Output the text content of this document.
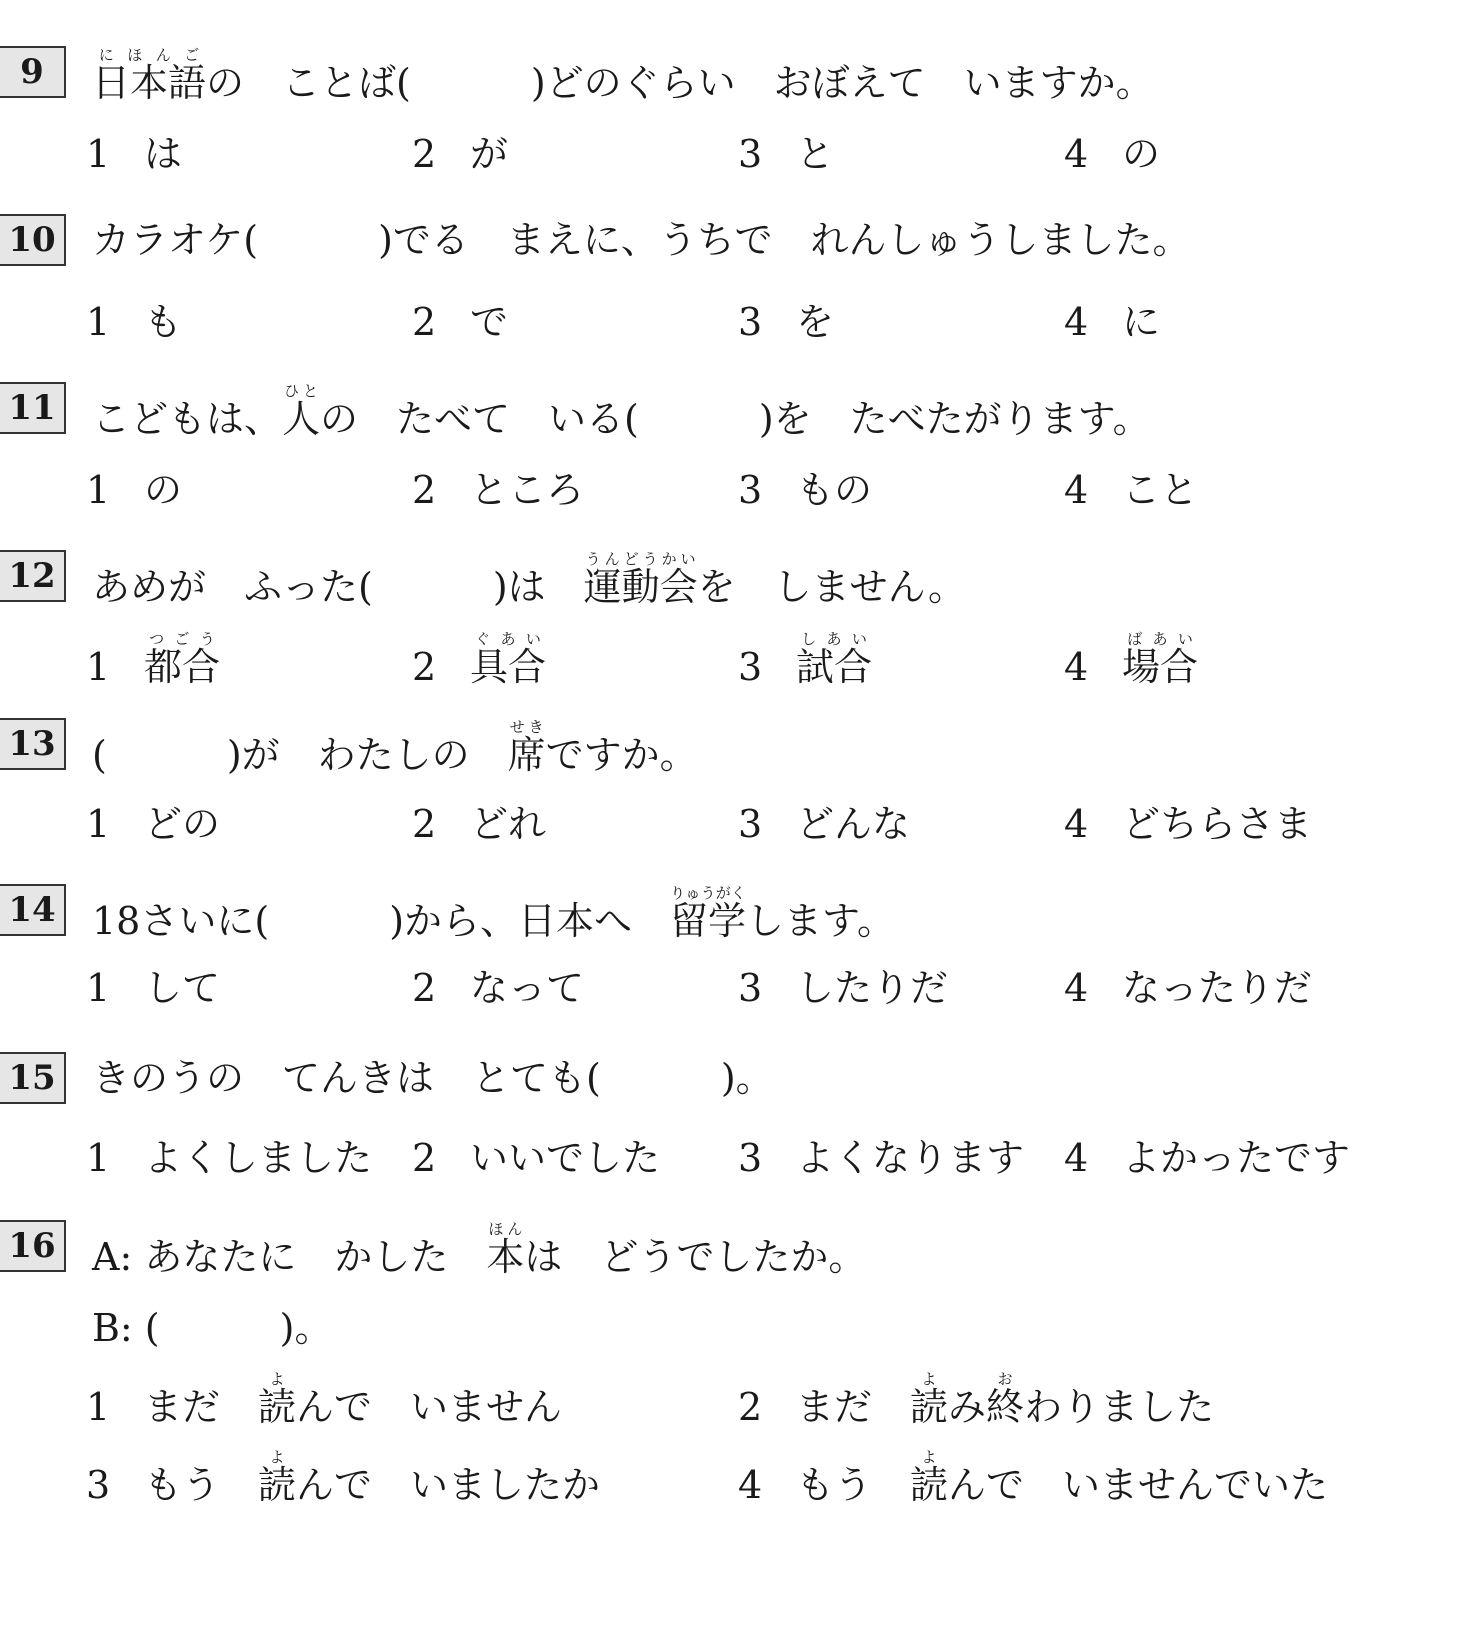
9	日本語にほんごの　ことば(	)どのぐらい　おぼえて　いますか。
1 は	2 が	3 と	4 の
10 カラオケ(	)でる　まえに、うちで　れんしゅうしました。
1 も	2 で	3 を	4 に
11 こどもは、人ひとの　たべて　いる(	)を　たべたがります。
1 の	2 ところ	3 もの	4 こと
12 あめが　ふった(	)は　運動会うんどうかいを　しません。
1 都合つごう
2 具合ぐあい
3 試合しあい
4 場合ばあい
13 (	)が　わたしの　席せきですか。
1 どの	2 どれ	3 どんな	4 どちらさま
14 18さいに(	)から、日本へ　留学りゅうがくします。
1 して	2 なって	3 したりだ	4 なったりだ
15 きのうの　てんきは　とても(	)。
1 よくしました 2 いいでした 3 よくなります 4 よかったです
16 A: あなたに　かした　本ほんは　どうでしたか。
B: (	)。
1 まだ　読よんで　いません	2 まだ　読よみ終おわりました
3 もう　読よんで　いましたか	4 もう　読よんで　いませんでいた
